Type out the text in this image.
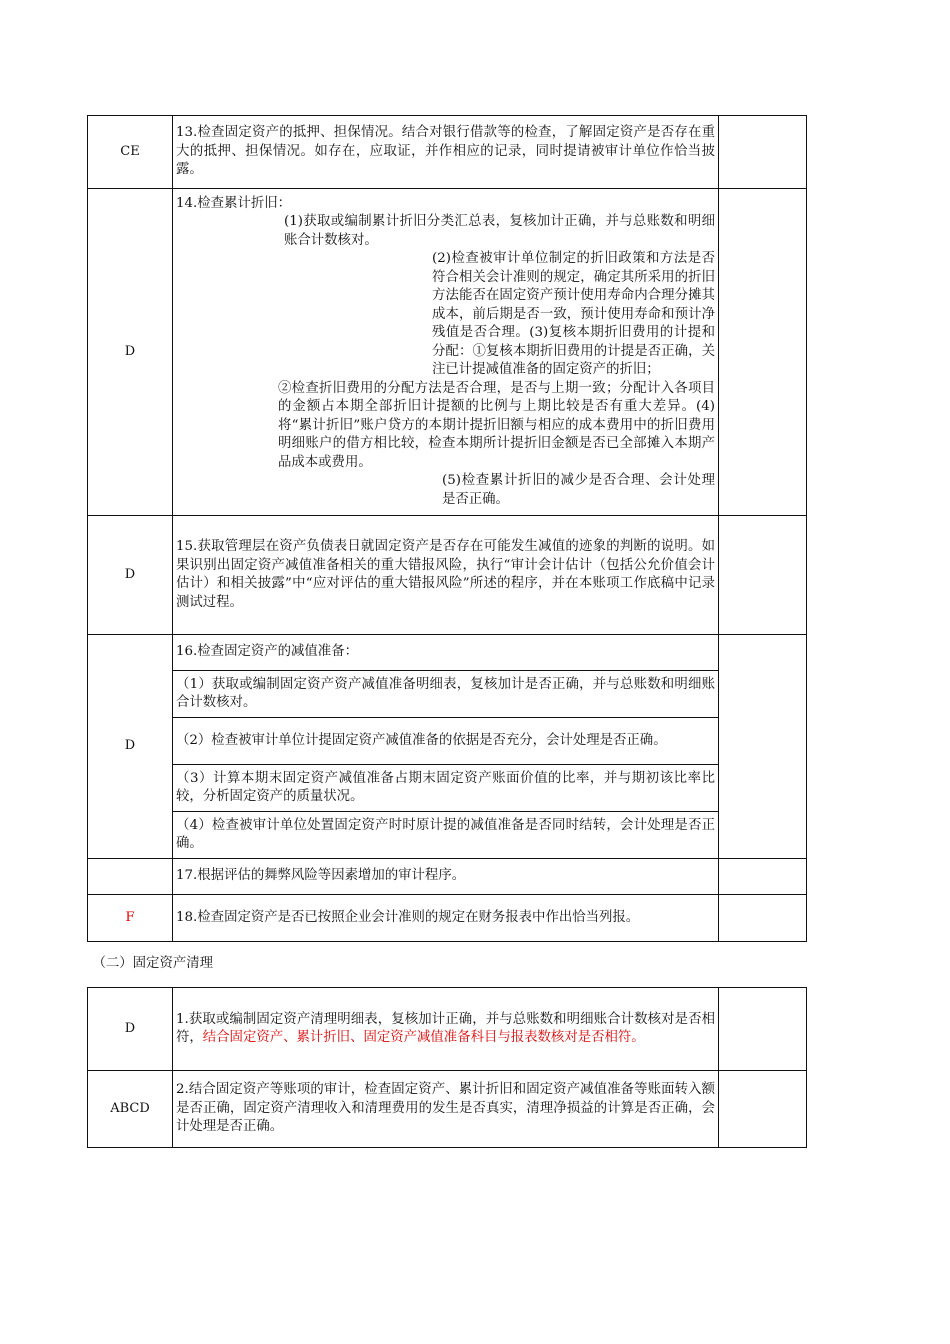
CE	13.检查固定资产的抵押、担保情况。结合对银行借款等的检查，了解固定资产是否存在重大的抵押、担保情况。如存在，应取证，并作相应的记录，同时提请被审计单位作恰当披露。	

D	14.检查累计折旧：
(1)获取或编制累计折旧分类汇总表，复核加计正确，并与总账数和明细账合计数核对。
(2)检查被审计单位制定的折旧政策和方法是否符合相关会计准则的规定，确定其所采用的折旧方法能否在固定资产预计使用寿命内合理分摊其成本，前后期是否一致，预计使用寿命和预计净残值是否合理。(3)复核本期折旧费用的计提和分配：①复核本期折旧费用的计提是否正确，关注已计提减值准备的固定资产的折旧；
②检查折旧费用的分配方法是否合理，是否与上期一致；分配计入各项目的金额占本期全部折旧计提额的比例与上期比较是否有重大差异。(4)将“累计折旧”账户贷方的本期计提折旧额与相应的成本费用中的折旧费用明细账户的借方相比较，检查本期所计提折旧金额是否已全部摊入本期产品成本或费用。
(5)检查累计折旧的减少是否合理、会计处理是否正确。	

D	15.获取管理层在资产负债表日就固定资产是否存在可能发生减值的迹象的判断的说明。如果识别出固定资产减值准备相关的重大错报风险，执行“审计会计估计（包括公允价值会计估计）和相关披露”中“应对评估的重大错报风险”所述的程序，并在本账项工作底稿中记录测试过程。	

D	16.检查固定资产的减值准备：	

	（1）获取或编制固定资产资产减值准备明细表，复核加计是否正确，并与总账数和明细账合计数核对。	

	（2）检查被审计单位计提固定资产减值准备的依据是否充分，会计处理是否正确。	

	（3）计算本期末固定资产减值准备占期末固定资产账面价值的比率，并与期初该比率比较，分析固定资产的质量状况。	

	（4）检查被审计单位处置固定资产时时原计提的减值准备是否同时结转，会计处理是否正确。	

	17.根据评估的舞弊风险等因素增加的审计程序。	

F	18.检查固定资产是否已按照企业会计准则的规定在财务报表中作出恰当列报。	

（二）固定资产清理		
D	1.获取或编制固定资产清理明细表，复核加计正确，并与总账数和明细账合计数核对是否相符，结合固定资产、累计折旧、固定资产减值准备科目与报表数核对是否相符。	

ABCD	2.结合固定资产等账项的审计，检查固定资产、累计折旧和固定资产减值准备等账面转入额是否正确，固定资产清理收入和清理费用的发生是否真实，清理净损益的计算是否正确，会计处理是否正确。	
